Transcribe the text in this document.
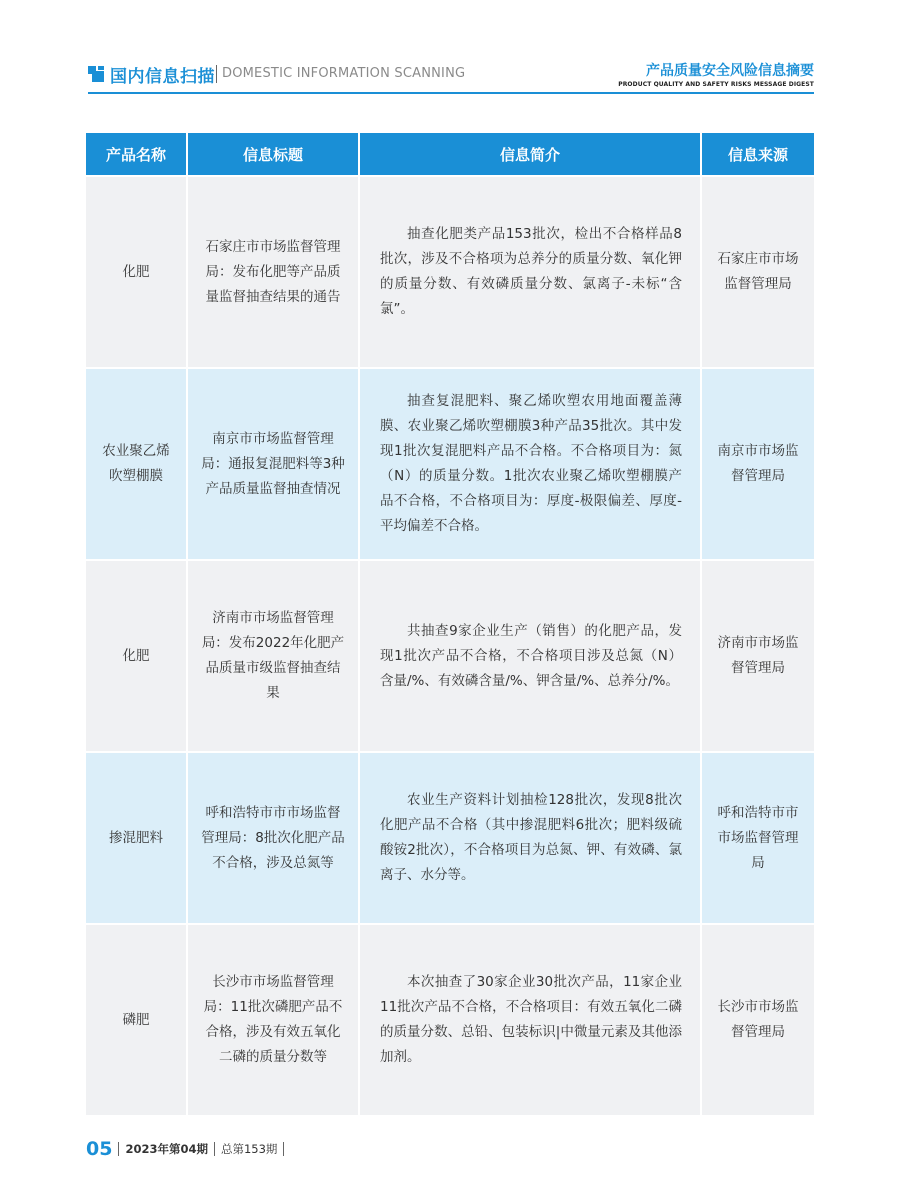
国内信息扫描 DOMESTIC INFORMATION SCANNING	产品质量安全风险信息摘要
PRODUCT QUALITY AND SAFETY RISKS MESSAGE DIGEST
产品名称	信息标题	信息简介	信息来源
化肥	石家庄市市场监督管理局：发布化肥等产品质量监督抽查结果的通告	抽查化肥类产品153批次，检出不合格样品8批次，涉及不合格项为总养分的质量分数、氧化钾的质量分数、有效磷质量分数、氯离子-未标“含氯”。	石家庄市市场监督管理局
农业聚乙烯吹塑棚膜	南京市市场监督管理局：通报复混肥料等3种产品质量监督抽查情况	抽查复混肥料、聚乙烯吹塑农用地面覆盖薄膜、农业聚乙烯吹塑棚膜3种产品35批次。其中发现1批次复混肥料产品不合格。不合格项目为：氮（N）的质量分数。1批次农业聚乙烯吹塑棚膜产品不合格，不合格项目为：厚度-极限偏差、厚度-平均偏差不合格。	南京市市场监督管理局
化肥	济南市市场监督管理局：发布2022年化肥产品质量市级监督抽查结果	共抽查9家企业生产（销售）的化肥产品，发现1批次产品不合格，不合格项目涉及总氮（N）含量/%、有效磷含量/%、钾含量/%、总养分/%。	济南市市场监督管理局
掺混肥料	呼和浩特市市市场监督管理局：8批次化肥产品不合格，涉及总氮等	农业生产资料计划抽检128批次，发现8批次化肥产品不合格（其中掺混肥料6批次；肥料级硫酸铵2批次），不合格项目为总氮、钾、有效磷、氯离子、水分等。	呼和浩特市市市场监督管理局
磷肥	长沙市市场监督管理局：11批次磷肥产品不合格，涉及有效五氧化二磷的质量分数等	本次抽查了30家企业30批次产品，11家企业11批次产品不合格，不合格项目：有效五氧化二磷的质量分数、总铅、包装标识|中微量元素及其他添加剂。	长沙市市场监督管理局
05 2023年第04期 总第153期
